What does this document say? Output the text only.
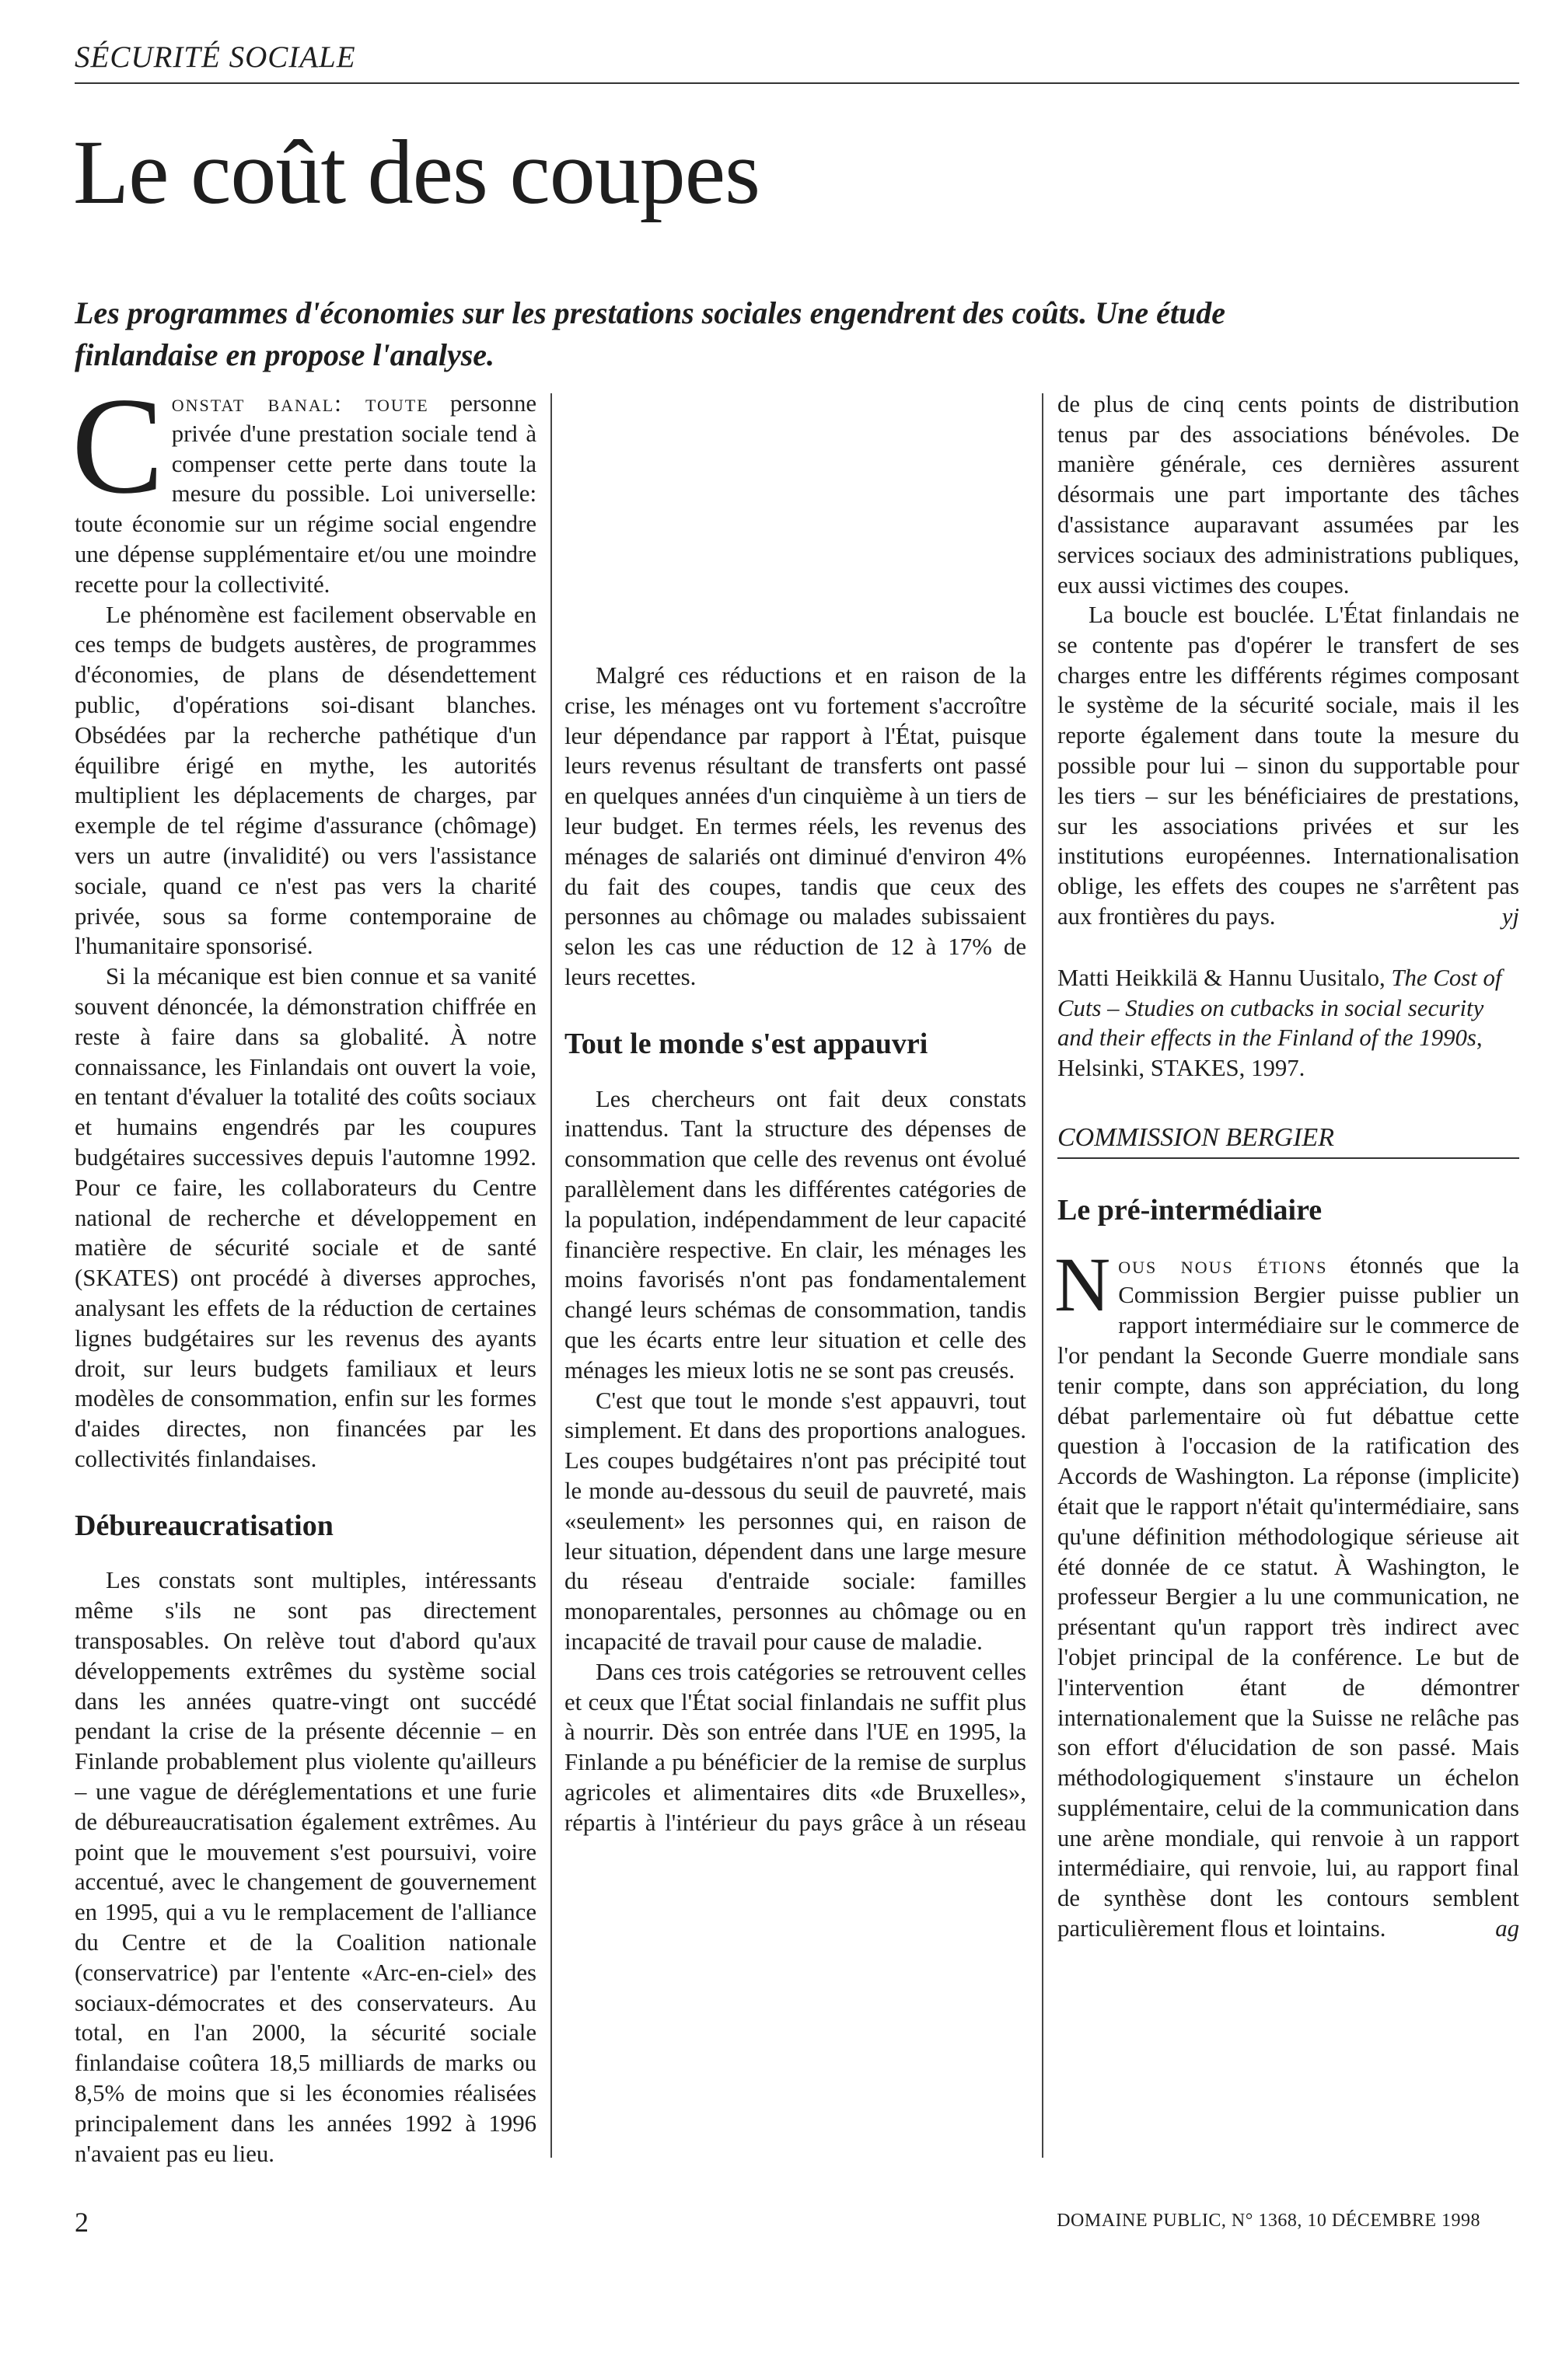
SÉCURITÉ SOCIALE
Le coût des coupes

Les programmes d'économies sur les prestations sociales engendrent des coûts. Une étude finlandaise en propose l'analyse.

Constat banal: toute personne privée d'une prestation sociale tend à compenser cette perte dans toute la mesure du possible. Loi universelle: toute économie sur un régime social engendre une dépense supplémentaire et/ou une moindre recette pour la collectivité.

Le phénomène est facilement observable en ces temps de budgets austères, de programmes d'économies, de plans de désendettement public, d'opérations soi-disant blanches. Obsédées par la recherche pathétique d'un équilibre érigé en mythe, les autorités multiplient les déplacements de charges, par exemple de tel régime d'assurance (chômage) vers un autre (invalidité) ou vers l'assistance sociale, quand ce n'est pas vers la charité privée, sous sa forme contemporaine de l'humanitaire sponsorisé.

Si la mécanique est bien connue et sa vanité souvent dénoncée, la démonstration chiffrée en reste à faire dans sa globalité. À notre connaissance, les Finlandais ont ouvert la voie, en tentant d'évaluer la totalité des coûts sociaux et humains engendrés par les coupures budgétaires successives depuis l'automne 1992. Pour ce faire, les collaborateurs du Centre national de recherche et développement en matière de sécurité sociale et de santé (SKATES) ont procédé à diverses approches, analysant les effets de la réduction de certaines lignes budgétaires sur les revenus des ayants droit, sur leurs budgets familiaux et leurs modèles de consommation, enfin sur les formes d'aides directes, non financées par les collectivités finlandaises.

Débureaucratisation

Les constats sont multiples, intéressants même s'ils ne sont pas directement transposables. On relève tout d'abord qu'aux développements extrêmes du système social dans les années quatre-vingt ont succédé pendant la crise de la présente décennie – en Finlande probablement plus violente qu'ailleurs – une vague de déréglementations et une furie de débureaucratisation également extrêmes. Au point que le mouvement s'est poursuivi, voire accentué, avec le changement de gouvernement en 1995, qui a vu le remplacement de l'alliance du Centre et de la Coalition nationale (conservatrice) par l'entente «Arc-en-ciel» des sociaux-démocrates et des conservateurs. Au total, en l'an 2000, la sécurité sociale finlandaise coûtera 18,5 milliards de marks ou 8,5% de moins que si les économies réalisées principalement dans les années 1992 à 1996 n'avaient pas eu lieu.

Malgré ces réductions et en raison de la crise, les ménages ont vu fortement s'accroître leur dépendance par rapport à l'État, puisque leurs revenus résultant de transferts ont passé en quelques années d'un cinquième à un tiers de leur budget. En termes réels, les revenus des ménages de salariés ont diminué d'environ 4% du fait des coupes, tandis que ceux des personnes au chômage ou malades subissaient selon les cas une réduction de 12 à 17% de leurs recettes.

Tout le monde s'est appauvri

Les chercheurs ont fait deux constats inattendus. Tant la structure des dépenses de consommation que celle des revenus ont évolué parallèlement dans les différentes catégories de la population, indépendamment de leur capacité financière respective. En clair, les ménages les moins favorisés n'ont pas fondamentalement changé leurs schémas de consommation, tandis que les écarts entre leur situation et celle des ménages les mieux lotis ne se sont pas creusés.

C'est que tout le monde s'est appauvri, tout simplement. Et dans des proportions analogues. Les coupes budgétaires n'ont pas précipité tout le monde au-dessous du seuil de pauvreté, mais «seulement» les personnes qui, en raison de leur situation, dépendent dans une large mesure du réseau d'entraide sociale: familles monoparentales, personnes au chômage ou en incapacité de travail pour cause de maladie.

Dans ces trois catégories se retrouvent celles et ceux que l'État social finlandais ne suffit plus à nourrir. Dès son entrée dans l'UE en 1995, la Finlande a pu bénéficier de la remise de surplus agricoles et alimentaires dits «de Bruxelles», répartis à l'intérieur du pays grâce à un réseau

de plus de cinq cents points de distribution tenus par des associations bénévoles. De manière générale, ces dernières assurent désormais une part importante des tâches d'assistance auparavant assumées par les services sociaux des administrations publiques, eux aussi victimes des coupes.

La boucle est bouclée. L'État finlandais ne se contente pas d'opérer le transfert de ses charges entre les différents régimes composant le système de la sécurité sociale, mais il les reporte également dans toute la mesure du possible pour lui – sinon du supportable pour les tiers – sur les bénéficiaires de prestations, sur les associations privées et sur les institutions européennes. Internationalisation oblige, les effets des coupes ne s'arrêtent pas aux frontières du pays.	yj

Matti Heikkilä & Hannu Uusitalo, The Cost of Cuts – Studies on cutbacks in social security and their effects in the Finland of the 1990s, Helsinki, STAKES, 1997.

COMMISSION BERGIER
Le pré-intermédiaire

Nous nous étions étonnés que la Commission Bergier puisse publier un rapport intermédiaire sur le commerce de l'or pendant la Seconde Guerre mondiale sans tenir compte, dans son appréciation, du long débat parlementaire où fut débattue cette question à l'occasion de la ratification des Accords de Washington. La réponse (implicite) était que le rapport n'était qu'intermédiaire, sans qu'une définition méthodologique sérieuse ait été donnée de ce statut. À Washington, le professeur Bergier a lu une communication, ne présentant qu'un rapport très indirect avec l'objet principal de la conférence. Le but de l'intervention étant de démontrer internationalement que la Suisse ne relâche pas son effort d'élucidation de son passé. Mais méthodologiquement s'instaure un échelon supplémentaire, celui de la communication dans une arène mondiale, qui renvoie à un rapport intermédiaire, qui renvoie, lui, au rapport final de synthèse dont les contours semblent particulièrement flous et lointains.	ag

2	DOMAINE PUBLIC, N° 1368, 10 DÉCEMBRE 1998
